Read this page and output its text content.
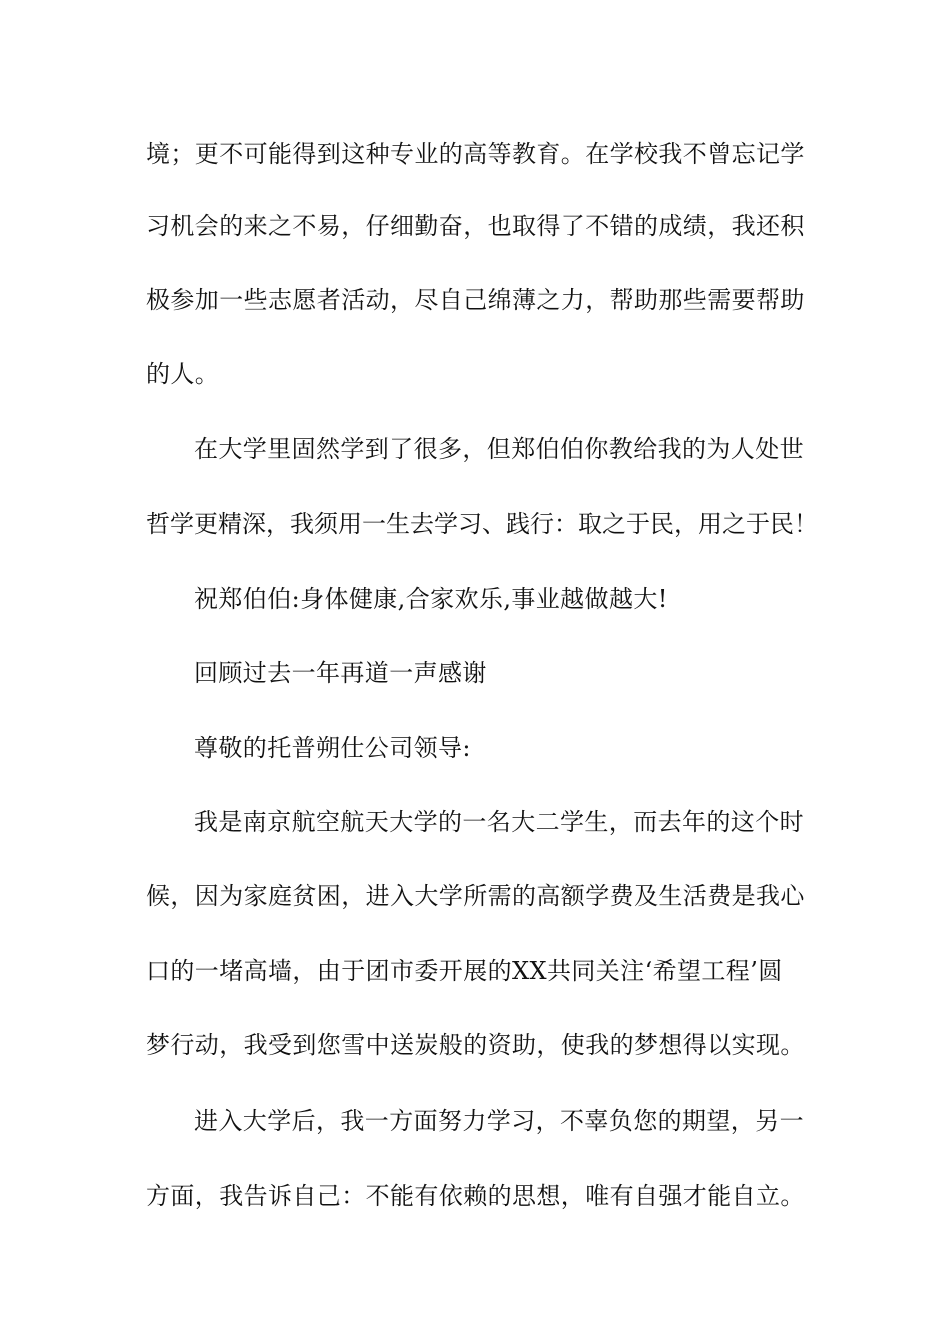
境；更不可能得到这种专业的高等教育。在学校我不曾忘记学
习机会的来之不易，仔细勤奋，也取得了不错的成绩，我还积
极参加一些志愿者活动，尽自己绵薄之力，帮助那些需要帮助
的人。
在大学里固然学到了很多，但郑伯伯你教给我的为人处世
哲学更精深，我须用一生去学习、践行：取之于民，用之于民！
祝郑伯伯:身体健康,合家欢乐,事业越做越大!
回顾过去一年再道一声感谢
尊敬的托普朔仕公司领导:
我是南京航空航天大学的一名大二学生，而去年的这个时
候，因为家庭贫困，进入大学所需的高额学费及生活费是我心
口的一堵高墙，由于团市委开展的XX共同关注‘希望工程’圆
梦行动，我受到您雪中送炭般的资助，使我的梦想得以实现。
进入大学后，我一方面努力学习，不辜负您的期望，另一
方面，我告诉自己：不能有依赖的思想，唯有自强才能自立。
